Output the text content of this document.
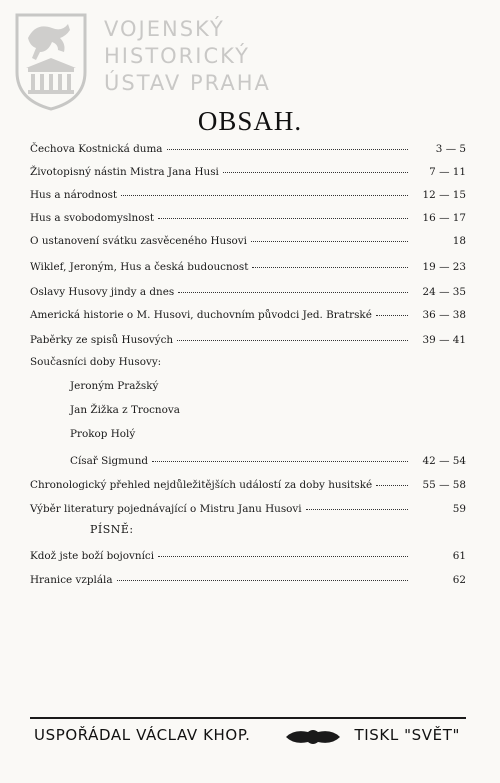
VOJENSKÝ
HISTORICKÝ
ÚSTAV PRAHA
OBSAH.
Čechova Kostnická duma	3 — 5
Životopisný nástin Mistra Jana Husi	7 — 11
Hus a národnost	12 — 15
Hus a svobodomyslnost	16 — 17
O ustanovení svátku zasvěceného Husovi	18
Wiklef, Jeroným, Hus a česká budoucnost	19 — 23
Oslavy Husovy jindy a dnes	24 — 35
Americká historie o M. Husovi, duchovním původci Jed. Bratrské	36 — 38
Paběrky ze spisů Husových	39 — 41
Současníci doby Husovy:
Jeroným Pražský
Jan Žižka z Trocnova
Prokop Holý
Císař Sigmund	42 — 54
Chronologický přehled nejdůležitějších událostí za doby husitské	55 — 58
Výběr literatury pojednávající o Mistru Janu Husovi	59
PÍSNĚ:
Kdož jste boží bojovníci	61
Hranice vzplála	62
USPOŘÁDAL VÁCLAV KHOP.	TISKL "SVĚT"
